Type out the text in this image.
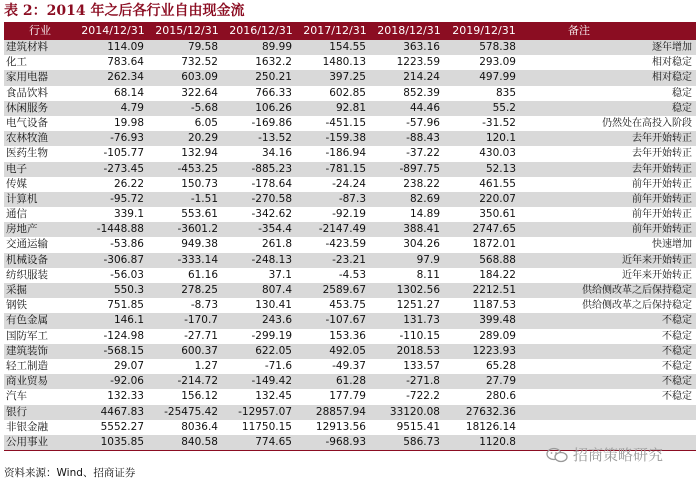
表 2：2014 年之后各行业自由现金流
行业	2014/12/31 2015/12/31 2016/12/31 2017/12/31 2018/12/31	2019/12/31	备注
建筑材料	114.09	79.58	89.99	154.55	363.16	578.38	逐年增加
化工	783.64	732.52	1632.2	1480.13	1223.59	293.09	相对稳定
家用电器	262.34	603.09	250.21	397.25	214.24	497.99	相对稳定
食品饮料	68.14	322.64	766.33	602.85	852.39	835	稳定
休闲服务	4.79	-5.68	106.26	92.81	44.46	55.2	稳定
电气设备	19.98	6.05	-169.86	-451.15	-57.96	-31.52	仍然处在高投入阶段
农林牧渔	-76.93	20.29	-13.52	-159.38	-88.43	120.1	去年开始转正
医药生物	-105.77	132.94	34.16	-186.94	-37.22	430.03	去年开始转正
电子	-273.45	-453.25	-885.23	-781.15	-897.75	52.13	去年开始转正
传媒	26.22	150.73	-178.64	-24.24	238.22	461.55	前年开始转正
计算机	-95.72	-1.51	-270.58	-87.3	82.69	220.07	前年开始转正
通信	339.1	553.61	-342.62	-92.19	14.89	350.61	前年开始转正
房地产	-1448.88	-3601.2	-354.4	-2147.49	388.41	2747.65	前年开始转正
交通运输	-53.86	949.38	261.8	-423.59	304.26	1872.01	快速增加
机械设备	-306.87	-333.14	-248.13	-23.21	97.9	568.88	近年来开始转正
纺织服装	-56.03	61.16	37.1	-4.53	8.11	184.22	近年来开始转正
采掘	550.3	278.25	807.4	2589.67	1302.56	2212.51	供给侧改革之后保持稳定
钢铁	751.85	-8.73	130.41	453.75	1251.27	1187.53	供给侧改革之后保持稳定
有色金属	146.1	-170.7	243.6	-107.67	131.73	399.48	不稳定
国防军工	-124.98	-27.71	-299.19	153.36	-110.15	289.09	不稳定
建筑装饰	-568.15	600.37	622.05	492.05	2018.53	1223.93	不稳定
轻工制造	29.07	1.27	-71.6	-49.37	133.57	65.28	不稳定
商业贸易	-92.06	-214.72	-149.42	61.28	-271.8	27.79	不稳定
汽车	132.33	156.12	132.45	177.79	-722.2	280.6	不稳定
银行	4467.83	-25475.42	-12957.07	28857.94	33120.08	27632.36
非银金融	5552.27	8036.4	11750.15	12913.56	9515.41	18126.14
公用事业	1035.85	840.58	774.65	-968.93	586.73	1120.8
资料来源：Wind、招商证券
招商策略研究
